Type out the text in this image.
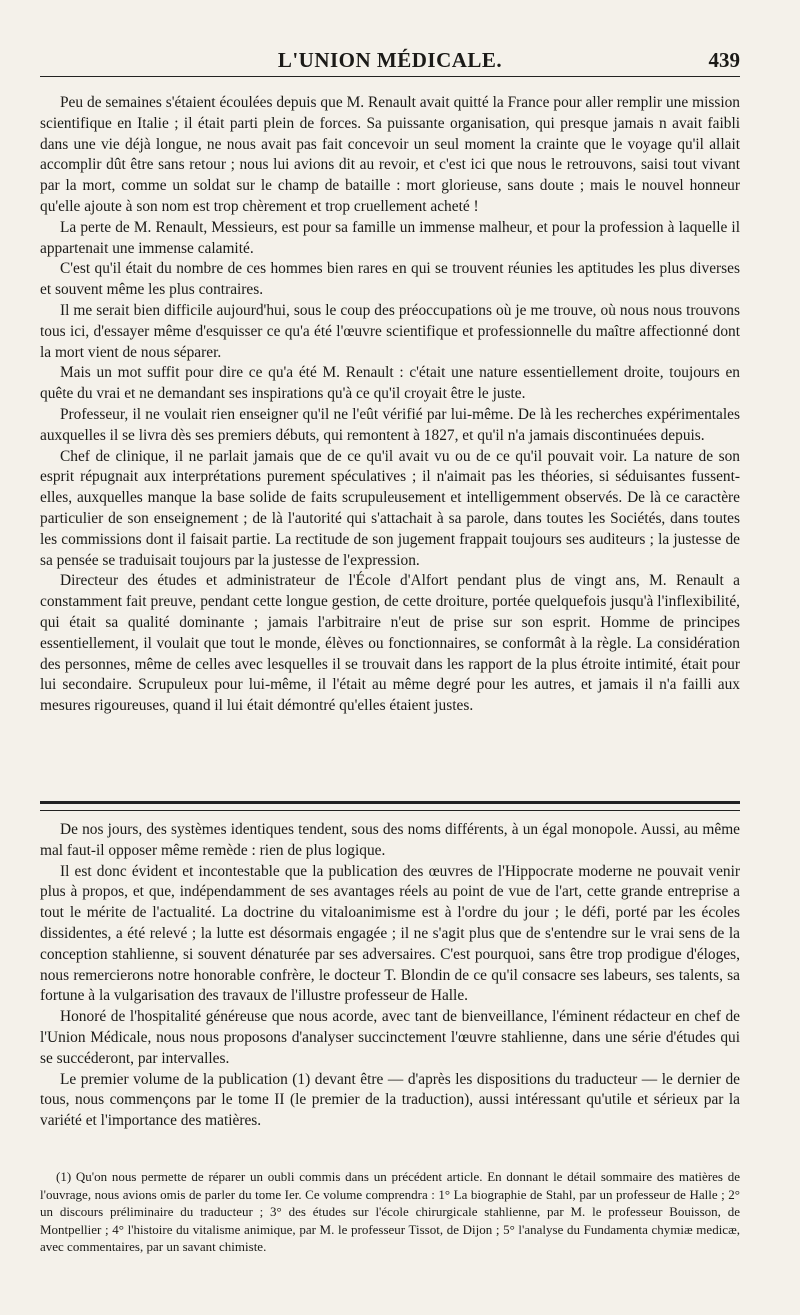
L'UNION MÉDICALE.	439

Peu de semaines s'étaient écoulées depuis que M. Renault avait quitté la France pour aller remplir une mission scientifique en Italie ; il était parti plein de forces. Sa puissante organisation, qui presque jamais n avait faibli dans une vie déjà longue, ne nous avait pas fait concevoir un seul moment la crainte que le voyage qu'il allait accomplir dût être sans retour ; nous lui avions dit au revoir, et c'est ici que nous le retrouvons, saisi tout vivant par la mort, comme un soldat sur le champ de bataille : mort glorieuse, sans doute ; mais le nouvel honneur qu'elle ajoute à son nom est trop chèrement et trop cruellement acheté !

La perte de M. Renault, Messieurs, est pour sa famille un immense malheur, et pour la profession à laquelle il appartenait une immense calamité.

C'est qu'il était du nombre de ces hommes bien rares en qui se trouvent réunies les aptitudes les plus diverses et souvent même les plus contraires.

Il me serait bien difficile aujourd'hui, sous le coup des préoccupations où je me trouve, où nous nous trouvons tous ici, d'essayer même d'esquisser ce qu'a été l'œuvre scientifique et professionnelle du maître affectionné dont la mort vient de nous séparer.

Mais un mot suffit pour dire ce qu'a été M. Renault : c'était une nature essentiellement droite, toujours en quête du vrai et ne demandant ses inspirations qu'à ce qu'il croyait être le juste.

Professeur, il ne voulait rien enseigner qu'il ne l'eût vérifié par lui-même. De là les recherches expérimentales auxquelles il se livra dès ses premiers débuts, qui remontent à 1827, et qu'il n'a jamais discontinuées depuis.

Chef de clinique, il ne parlait jamais que de ce qu'il avait vu ou de ce qu'il pouvait voir. La nature de son esprit répugnait aux interprétations purement spéculatives ; il n'aimait pas les théories, si séduisantes fussent-elles, auxquelles manque la base solide de faits scrupuleusement et intelligemment observés. De là ce caractère particulier de son enseignement ; de là l'autorité qui s'attachait à sa parole, dans toutes les Sociétés, dans toutes les commissions dont il faisait partie. La rectitude de son jugement frappait toujours ses auditeurs ; la justesse de sa pensée se traduisait toujours par la justesse de l'expression.

Directeur des études et administrateur de l'École d'Alfort pendant plus de vingt ans, M. Renault a constamment fait preuve, pendant cette longue gestion, de cette droiture, portée quelquefois jusqu'à l'inflexibilité, qui était sa qualité dominante ; jamais l'arbitraire n'eut de prise sur son esprit. Homme de principes essentiellement, il voulait que tout le monde, élèves ou fonctionnaires, se conformât à la règle. La considération des personnes, même de celles avec lesquelles il se trouvait dans les rapport de la plus étroite intimité, était pour lui secondaire. Scrupuleux pour lui-même, il l'était au même degré pour les autres, et jamais il n'a failli aux mesures rigoureuses, quand il lui était démontré qu'elles étaient justes.

De nos jours, des systèmes identiques tendent, sous des noms différents, à un égal monopole. Aussi, au même mal faut-il opposer même remède : rien de plus logique.

Il est donc évident et incontestable que la publication des œuvres de l'Hippocrate moderne ne pouvait venir plus à propos, et que, indépendamment de ses avantages réels au point de vue de l'art, cette grande entreprise a tout le mérite de l'actualité. La doctrine du vitaloanimisme est à l'ordre du jour ; le défi, porté par les écoles dissidentes, a été relevé ; la lutte est désormais engagée ; il ne s'agit plus que de s'entendre sur le vrai sens de la conception stahlienne, si souvent dénaturée par ses adversaires. C'est pourquoi, sans être trop prodigue d'éloges, nous remercierons notre honorable confrère, le docteur T. Blondin de ce qu'il consacre ses labeurs, ses talents, sa fortune à la vulgarisation des travaux de l'illustre professeur de Halle.

Honoré de l'hospitalité généreuse que nous acorde, avec tant de bienveillance, l'éminent rédacteur en chef de l'Union Médicale, nous nous proposons d'analyser succinctement l'œuvre stahlienne, dans une série d'études qui se succéderont, par intervalles.

Le premier volume de la publication (1) devant être — d'après les dispositions du traducteur — le dernier de tous, nous commençons par le tome II (le premier de la traduction), aussi intéressant qu'utile et sérieux par la variété et l'importance des matières.

(1) Qu'on nous permette de réparer un oubli commis dans un précédent article. En donnant le détail sommaire des matières de l'ouvrage, nous avions omis de parler du tome Ier. Ce volume comprendra : 1° La biographie de Stahl, par un professeur de Halle ; 2° un discours préliminaire du traducteur ; 3° des études sur l'école chirurgicale stahlienne, par M. le professeur Bouisson, de Montpellier ; 4° l'histoire du vitalisme animique, par M. le professeur Tissot, de Dijon ; 5° l'analyse du Fundamenta chymiæ medicæ, avec commentaires, par un savant chimiste.
